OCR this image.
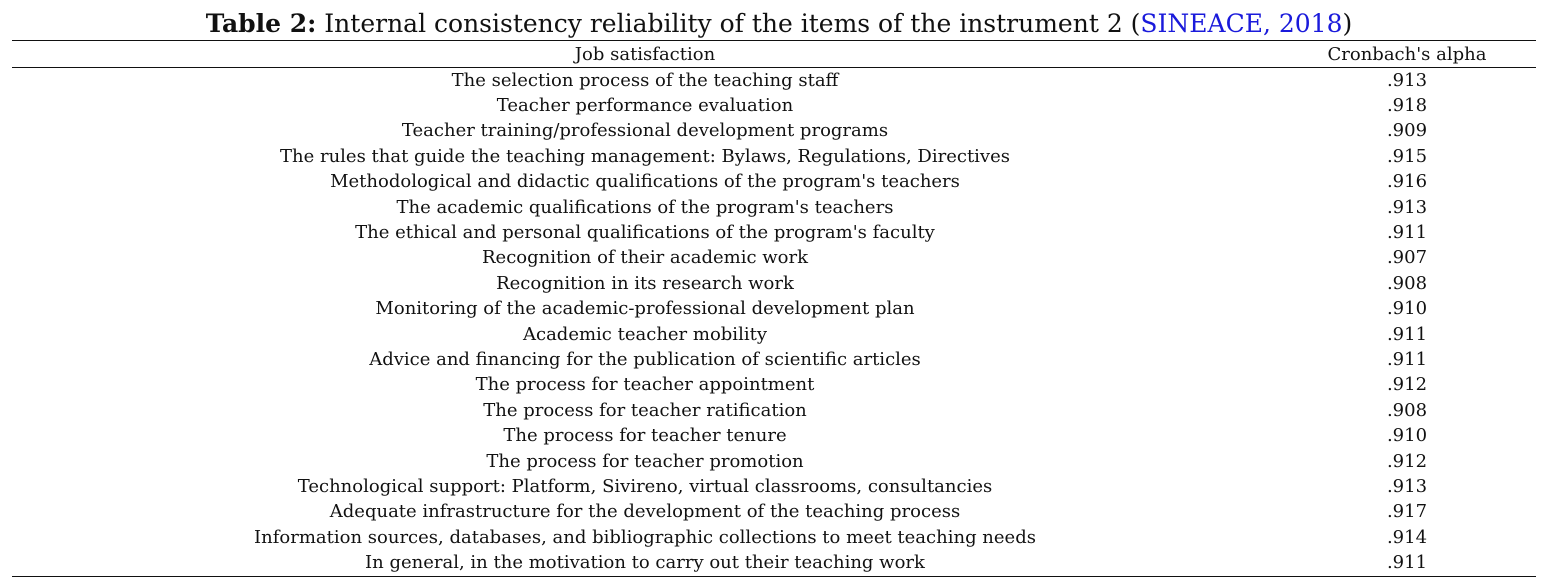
Table 2: Internal consistency reliability of the items of the instrument 2 (SINEACE, 2018)
Job satisfaction	Cronbach's alpha
The selection process of the teaching staff	.913
Teacher performance evaluation	.918
Teacher training/professional development programs	.909
The rules that guide the teaching management: Bylaws, Regulations, Directives	.915
Methodological and didactic qualifications of the program's teachers	.916
The academic qualifications of the program's teachers	.913
The ethical and personal qualifications of the program's faculty	.911
Recognition of their academic work	.907
Recognition in its research work	.908
Monitoring of the academic-professional development plan	.910
Academic teacher mobility	.911
Advice and financing for the publication of scientific articles	.911
The process for teacher appointment	.912
The process for teacher ratification	.908
The process for teacher tenure	.910
The process for teacher promotion	.912
Technological support: Platform, Sivireno, virtual classrooms, consultancies	.913
Adequate infrastructure for the development of the teaching process	.917
Information sources, databases, and bibliographic collections to meet teaching needs	.914
In general, in the motivation to carry out their teaching work	.911
